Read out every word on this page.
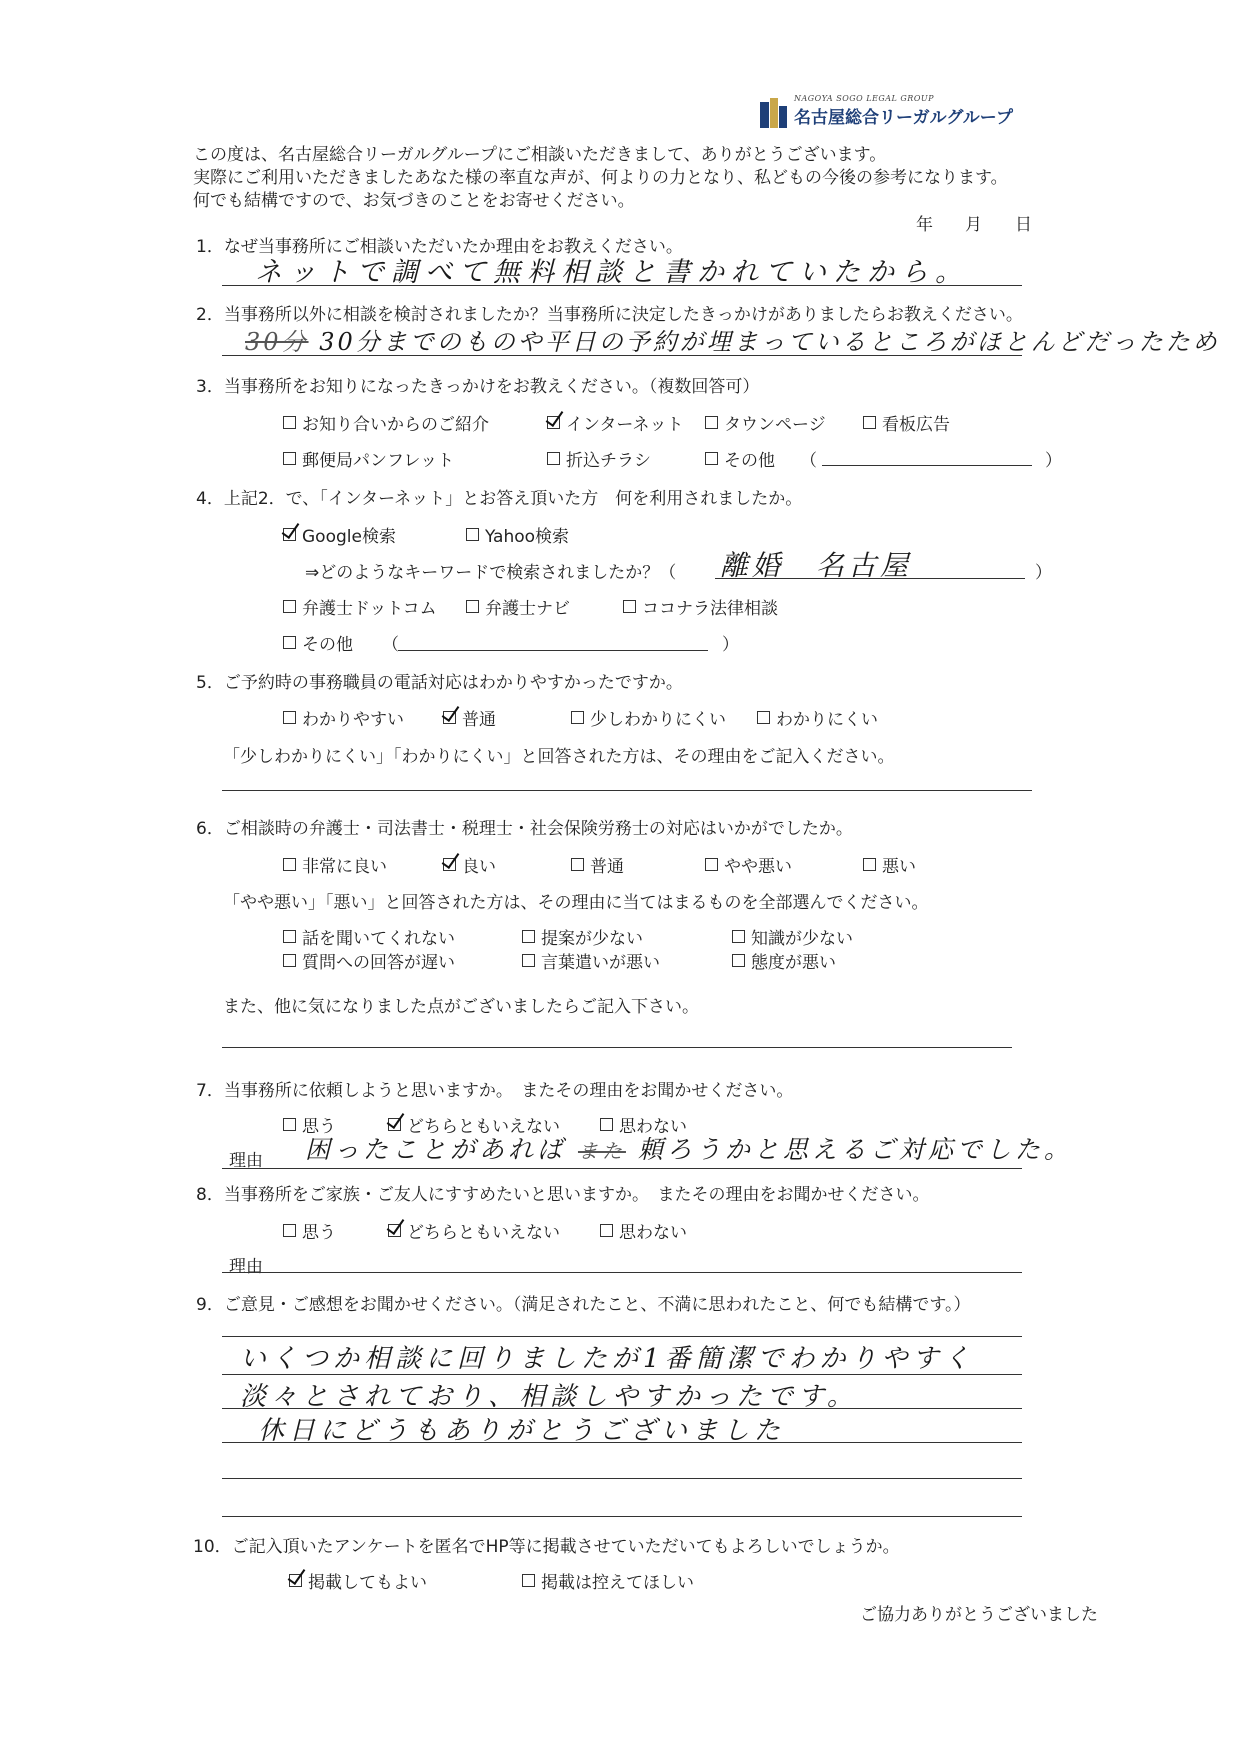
NAGOYA SOGO LEGAL GROUP
名古屋総合リーガルグループ
この度は、名古屋総合リーガルグループにご相談いただきまして、ありがとうございます。
実際にご利用いただきましたあなた様の率直な声が、何よりの力となり、私どもの今後の参考になります。
何でも結構ですので、お気づきのことをお寄せください。
年 月 日
1．なぜ当事務所にご相談いただいたか理由をお教えください。
ネットで調べて無料相談と書かれていたから。
2．当事務所以外に相談を検討されましたか？当事務所に決定したきっかけがありましたらお教えください。
30分 30分までのものや平日の予約が埋まっているところがほとんどだったため
3．当事務所をお知りになったきっかけをお教えください。（複数回答可）
お知り合いからのご紹介	インターネット タウンページ	看板広告
郵便局パンフレット	折込チラシ	その他 （	）
4．上記2．で、「インターネット」とお答え頂いた方　何を利用されましたか。
Google検索	Yahoo検索
⇒どのようなキーワードで検索されましたか？（ 離婚　名古屋	）
弁護士ドットコム	弁護士ナビ	ココナラ法律相談
その他 （	）
5．ご予約時の事務職員の電話対応はわかりやすかったですか。
わかりやすい	普通	少しわかりにくい	わかりにくい
「少しわかりにくい」「わかりにくい」と回答された方は、その理由をご記入ください。
6．ご相談時の弁護士・司法書士・税理士・社会保険労務士の対応はいかがでしたか。
非常に良い	良い	普通	やや悪い	悪い
「やや悪い」「悪い」と回答された方は、その理由に当てはまるものを全部選んでください。
話を聞いてくれない	提案が少ない	知識が少ない
質問への回答が遅い	言葉遣いが悪い	態度が悪い
また、他に気になりました点がございましたらご記入下さい。
7．当事務所に依頼しようと思いますか。　またその理由をお聞かせください。
思う	どちらともいえない	思わない
理由 困ったことがあれば また 頼ろうかと思えるご対応でした。
8．当事務所をご家族・ご友人にすすめたいと思いますか。　またその理由をお聞かせください。
思う	どちらともいえない	思わない
理由
9．ご意見・ご感想をお聞かせください。（満足されたこと、不満に思われたこと、何でも結構です。）
いくつか相談に回りましたが1番簡潔でわかりやすく
淡々とされており、相談しやすかったです。
休日にどうもありがとうございました
10．ご記入頂いたアンケートを匿名でHP等に掲載させていただいてもよろしいでしょうか。
掲載してもよい	掲載は控えてほしい
ご協力ありがとうございました
